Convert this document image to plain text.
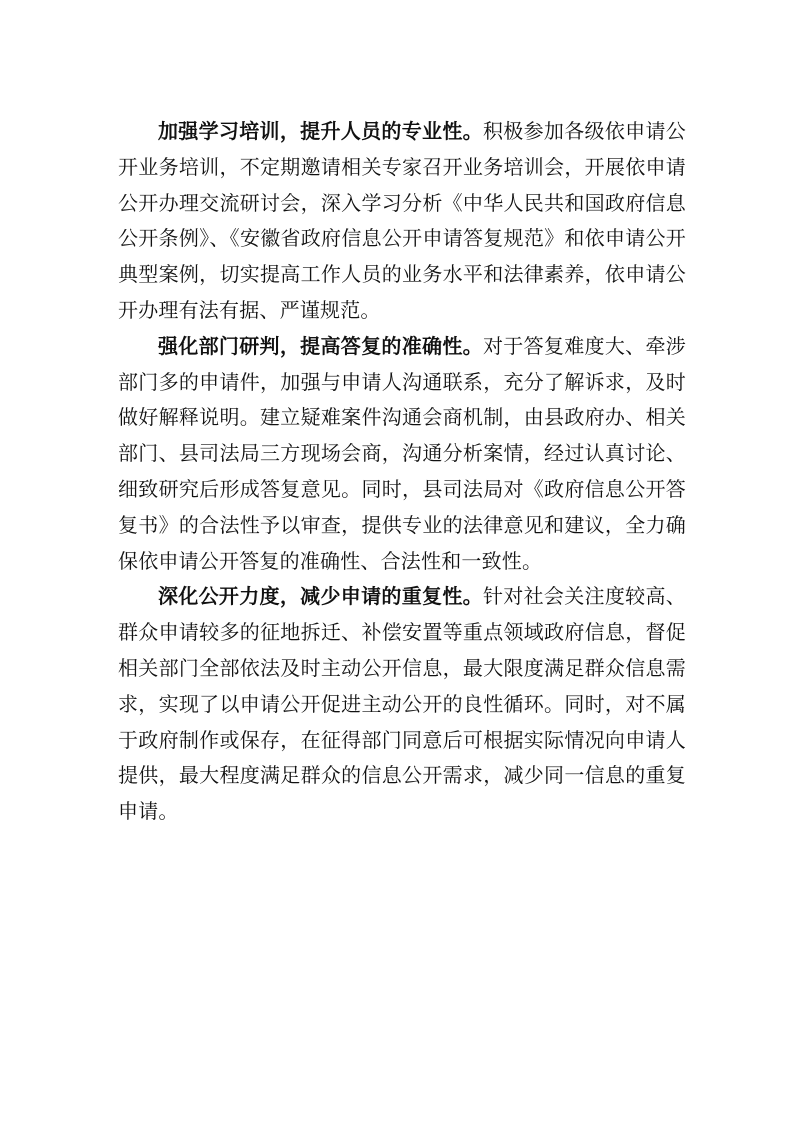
加强学习培训，提升人员的专业性。积极参加各级依申请公开业务培训，不定期邀请相关专家召开业务培训会，开展依申请公开办理交流研讨会，深入学习分析《中华人民共和国政府信息公开条例》、《安徽省政府信息公开申请答复规范》和依申请公开典型案例，切实提高工作人员的业务水平和法律素养，依申请公开办理有法有据、严谨规范。

强化部门研判，提高答复的准确性。对于答复难度大、牵涉部门多的申请件，加强与申请人沟通联系，充分了解诉求，及时做好解释说明。建立疑难案件沟通会商机制，由县政府办、相关部门、县司法局三方现场会商，沟通分析案情，经过认真讨论、细致研究后形成答复意见。同时，县司法局对《政府信息公开答复书》的合法性予以审查，提供专业的法律意见和建议，全力确保依申请公开答复的准确性、合法性和一致性。

深化公开力度，减少申请的重复性。针对社会关注度较高、群众申请较多的征地拆迁、补偿安置等重点领域政府信息，督促相关部门全部依法及时主动公开信息，最大限度满足群众信息需求，实现了以申请公开促进主动公开的良性循环。同时，对不属于政府制作或保存，在征得部门同意后可根据实际情况向申请人提供，最大程度满足群众的信息公开需求，减少同一信息的重复申请。
